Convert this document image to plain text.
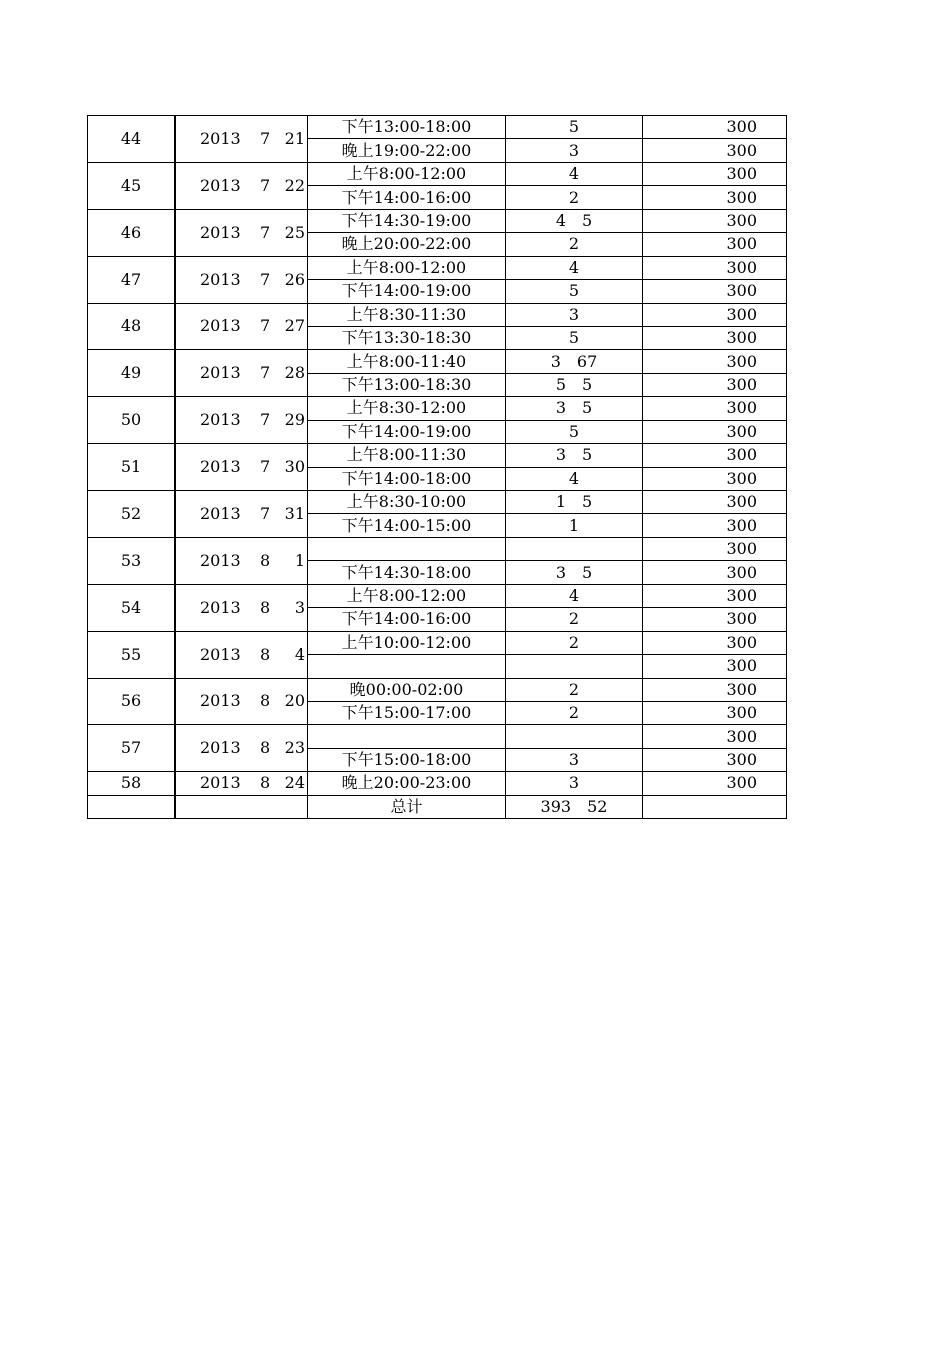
44	2013 7 21	下午13:00-18:00	5	300
		晚上19:00-22:00	3	300
45	2013 7 22	上午8:00-12:00	4	300
		下午14:00-16:00	2	300
46	2013 7 25	下午14:30-19:00	4　5	300
		晚上20:00-22:00	2	300
47	2013 7 26	上午8:00-12:00	4	300
		下午14:00-19:00	5	300
48	2013 7 27	上午8:30-11:30	3	300
		下午13:30-18:30	5	300
49	2013 7 28	上午8:00-11:40	3　67	300
		下午13:00-18:30	5　5	300
50	2013 7 29	上午8:30-12:00	3　5	300
		下午14:00-19:00	5	300
51	2013 7 30	上午8:00-11:30	3　5	300
		下午14:00-18:00	4	300
52	2013 7 31	上午8:30-10:00	1　5	300
		下午14:00-15:00	1	300
53	2013 8 1			300
		下午14:30-18:00	3　5	300
54	2013 8 3	上午8:00-12:00	4	300
		下午14:00-16:00	2	300
55	2013 8 4	上午10:00-12:00	2	300
				300
56	2013 8 20	晚00:00-02:00	2	300
		下午15:00-17:00	2	300
57	2013 8 23			300
		下午15:00-18:00	3	300
58	2013 8 24	晚上20:00-23:00	3	300
		总计	393　52	
